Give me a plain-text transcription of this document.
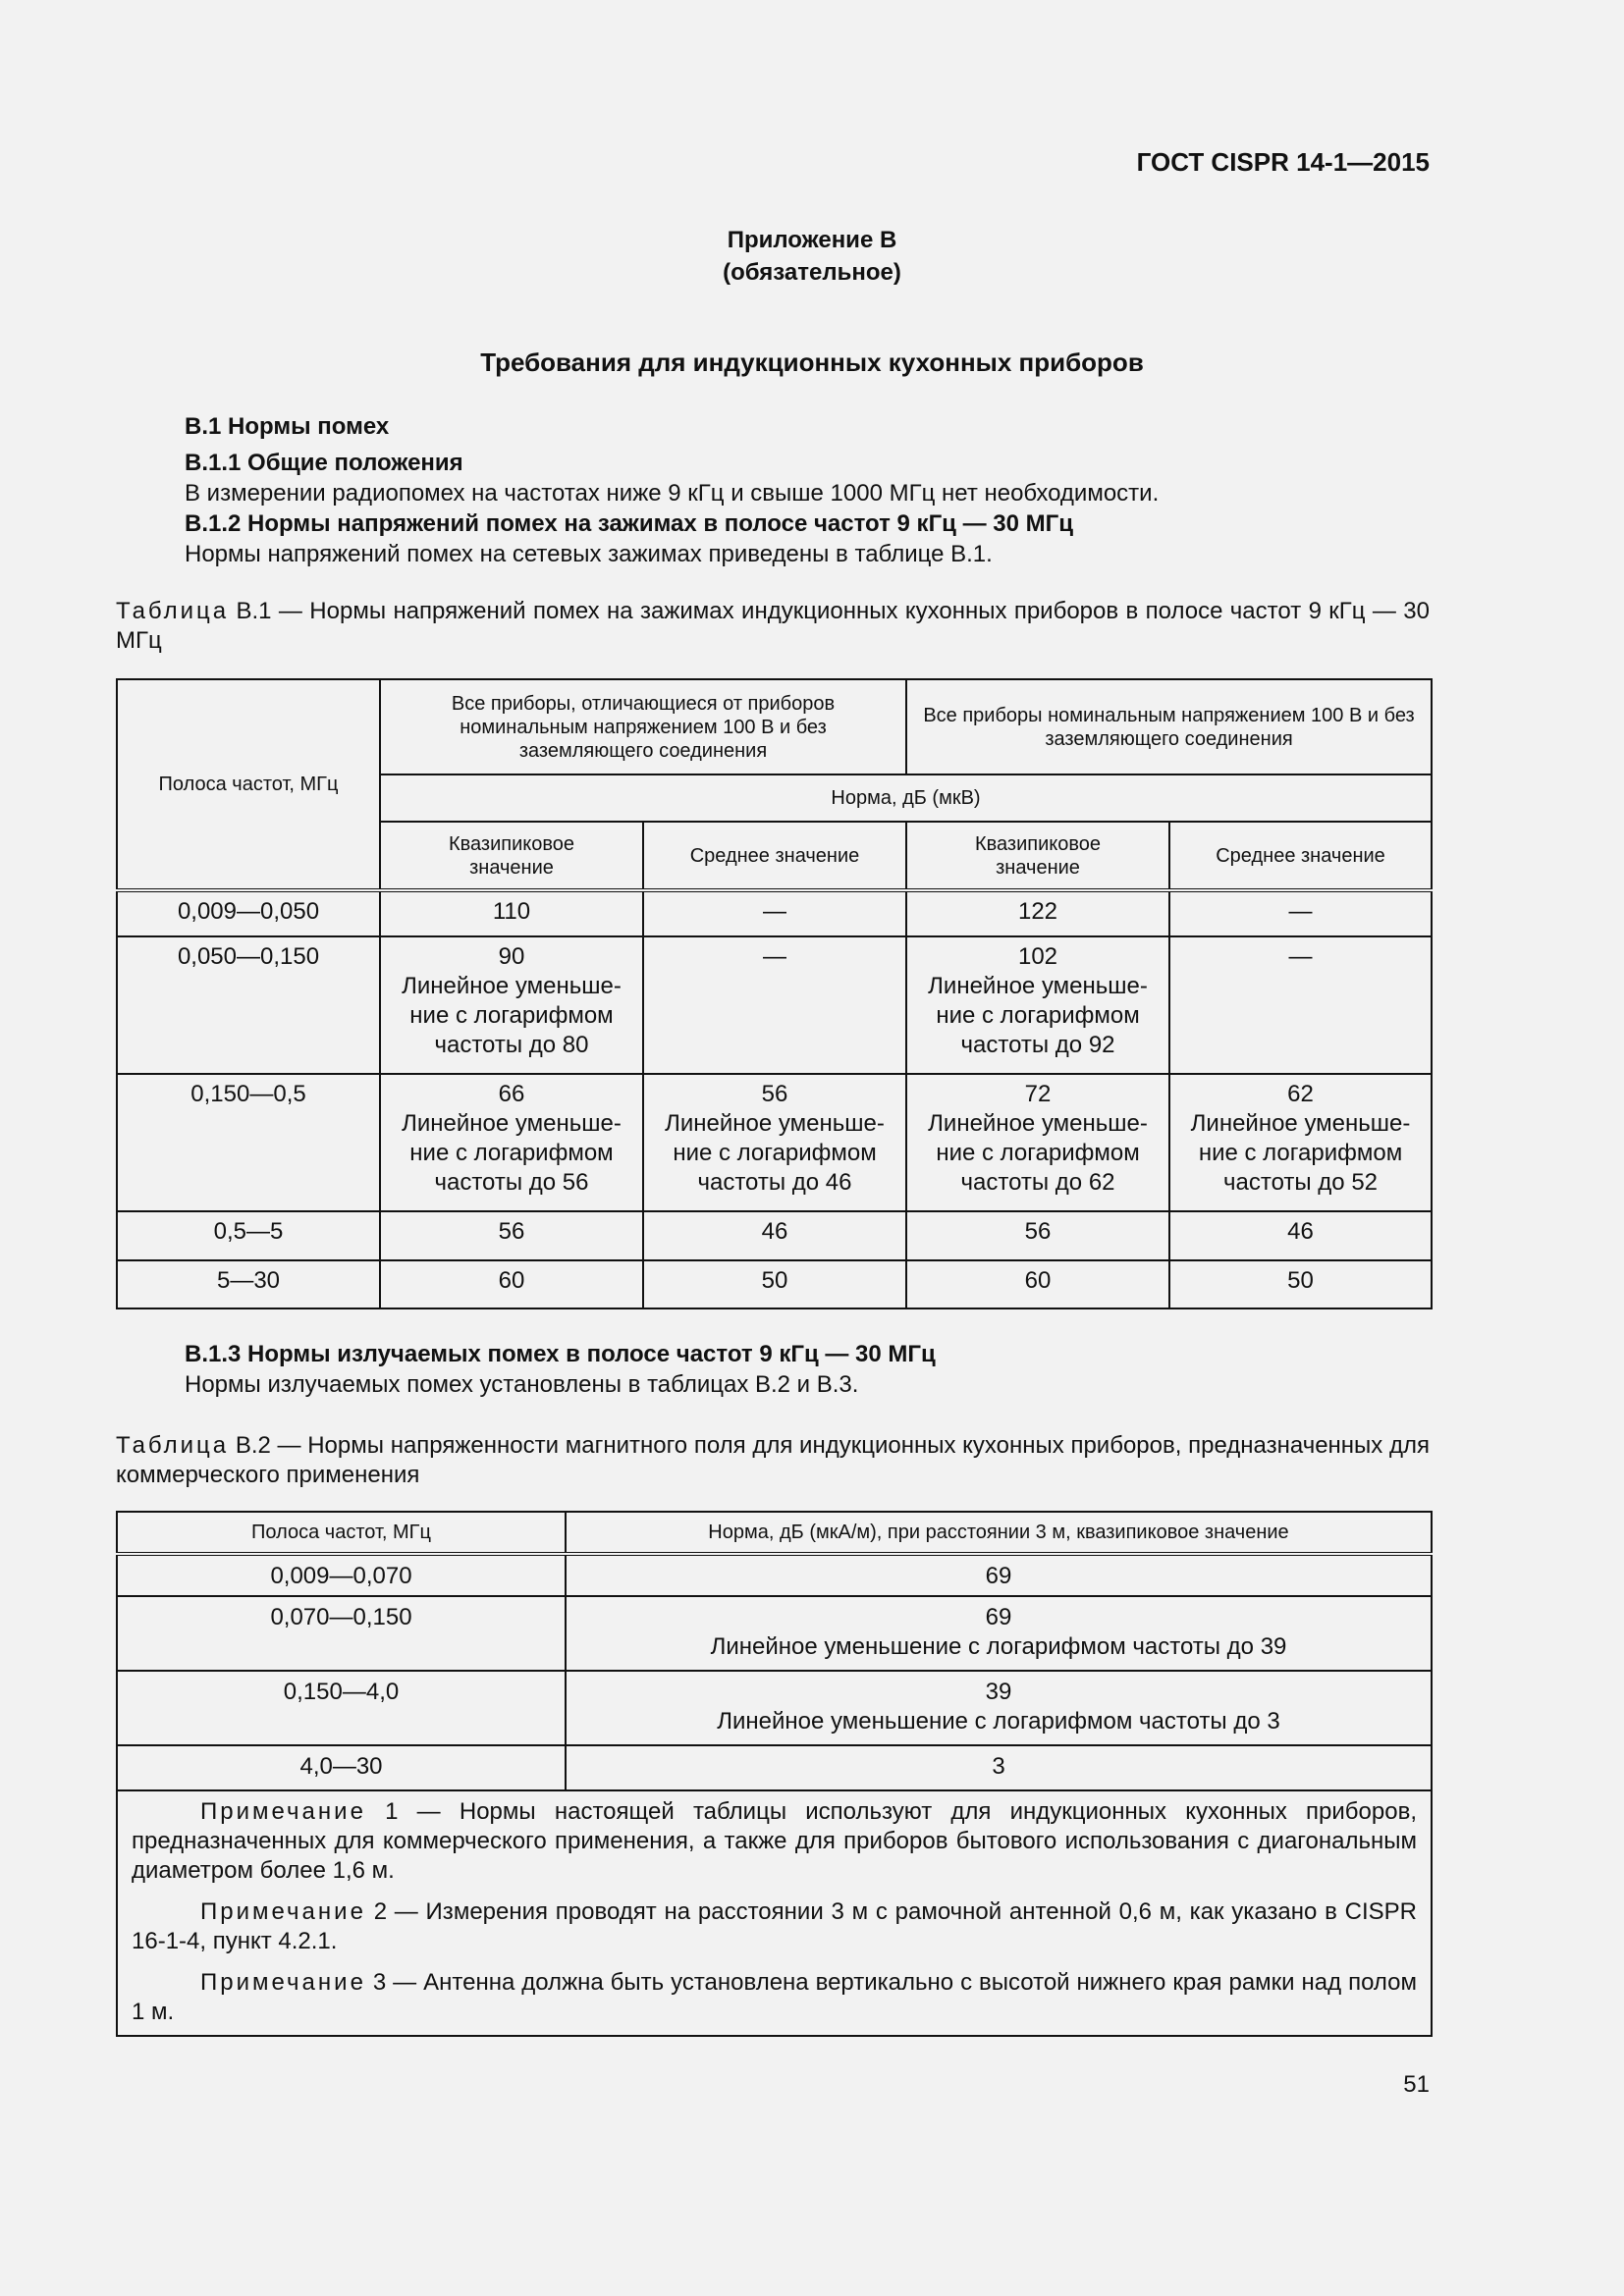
ГОСТ CISPR 14-1—2015
Приложение В
(обязательное)
Требования для индукционных кухонных приборов
В.1 Нормы помех
В.1.1 Общие положения
В измерении радиопомех на частотах ниже 9 кГц и свыше 1000 МГц нет необходимости.
В.1.2 Нормы напряжений помех на зажимах в полосе частот 9 кГц — 30 МГц
Нормы напряжений помех на сетевых зажимах приведены в таблице В.1.
Таблица В.1 — Нормы напряжений помех на зажимах индукционных кухонных приборов в полосе частот 9 кГц — 30 МГц
Полоса частот, МГц	Все приборы, отличающиеся от приборов номинальным напряжением 100 В и без заземляющего соединения		Все приборы номинальным напряжением 100 В и без заземляющего соединения	
	Норма, дБ (мкВ)			
	Квазипиковое значение	Среднее значение	Квазипиковое значение	Среднее значение
0,009—0,050	110	—	122	—
0,050—0,150	90
Линейное уменьше-
ние с логарифмом
частоты до 80	—	102
Линейное уменьше-
ние с логарифмом
частоты до 92	—
0,150—0,5	66
Линейное уменьше-
ние с логарифмом
частоты до 56	56
Линейное уменьше-
ние с логарифмом
частоты до 46	72
Линейное уменьше-
ние с логарифмом
частоты до 62	62
Линейное уменьше-
ние с логарифмом
частоты до 52
0,5—5	56	46	56	46
5—30	60	50	60	50
В.1.3 Нормы излучаемых помех в полосе частот 9 кГц — 30 МГц
Нормы излучаемых помех установлены в таблицах В.2 и В.3.
Таблица В.2 — Нормы напряженности магнитного поля для индукционных кухонных приборов, предназначенных для коммерческого применения
Полоса частот, МГц	Норма, дБ (мкА/м), при расстоянии 3 м, квазипиковое значение
0,009—0,070	69
0,070—0,150	69
Линейное уменьшение с логарифмом частоты до 39
0,150—4,0	39
Линейное уменьшение с логарифмом частоты до 3
4,0—30	3

Примечание 1 — Нормы настоящей таблицы используют для индукционных кухонных приборов, предназначенных для коммерческого применения, а также для приборов бытового использования с диагональным диаметром более 1,6 м.
Примечание 2 — Измерения проводят на расстоянии 3 м с рамочной антенной 0,6 м, как указано в CISPR 16-1-4, пункт 4.2.1.
Примечание 3 — Антенна должна быть установлена вертикально с высотой нижнего края рамки над полом 1 м.	
51
